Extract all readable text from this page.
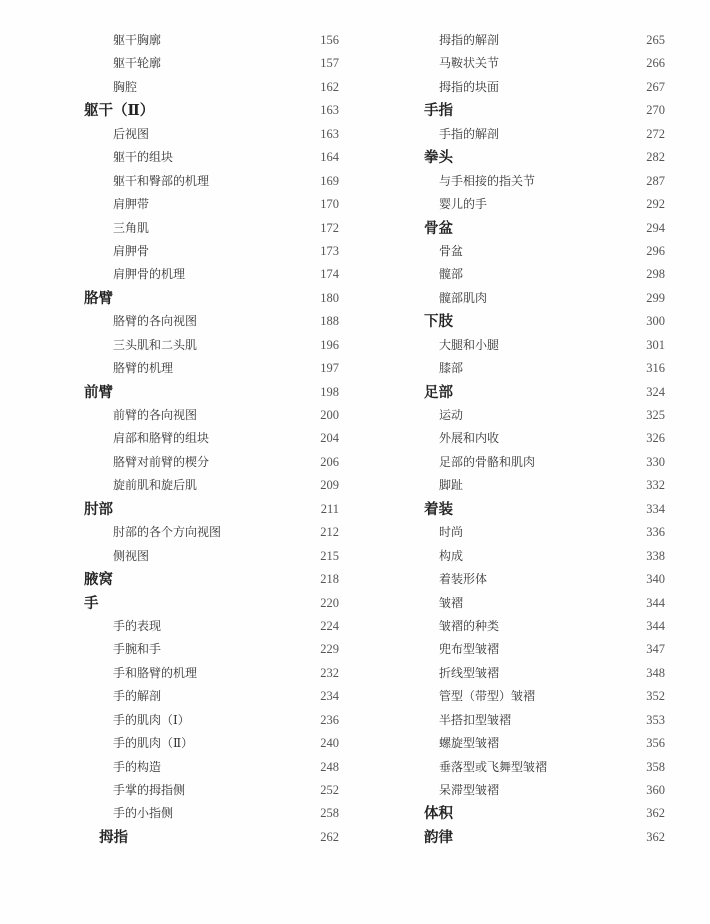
躯干胸廓	156
躯干轮廓	157
胸腔	162
躯干（Ⅱ）	163
后视图	163
躯干的组块	164
躯干和臀部的机理	169
肩胛带	170
三角肌	172
肩胛骨	173
肩胛骨的机理	174
胳臂	180
胳臂的各向视图	188
三头肌和二头肌	196
胳臂的机理	197
前臂	198
前臂的各向视图	200
肩部和胳臂的组块	204
胳臂对前臂的楔分	206
旋前肌和旋后肌	209
肘部	211
肘部的各个方向视图	212
侧视图	215
腋窝	218
手	220
手的表现	224
手腕和手	229
手和胳臂的机理	232
手的解剖	234
手的肌肉（Ⅰ）	236
手的肌肉（Ⅱ）	240
手的构造	248
手掌的拇指侧	252
手的小指侧	258
拇指	262
拇指的解剖	265
马鞍状关节	266
拇指的块面	267
手指	270
手指的解剖	272
拳头	282
与手相接的指关节	287
婴儿的手	292
骨盆	294
骨盆	296
髋部	298
髋部肌肉	299
下肢	300
大腿和小腿	301
膝部	316
足部	324
运动	325
外展和内收	326
足部的骨骼和肌肉	330
脚趾	332
着装	334
时尚	336
构成	338
着装形体	340
皱褶	344
皱褶的种类	344
兜布型皱褶	347
折线型皱褶	348
管型（带型）皱褶	352
半搭扣型皱褶	353
螺旋型皱褶	356
垂落型或飞舞型皱褶	358
呆滞型皱褶	360
体积	362
韵律	362
